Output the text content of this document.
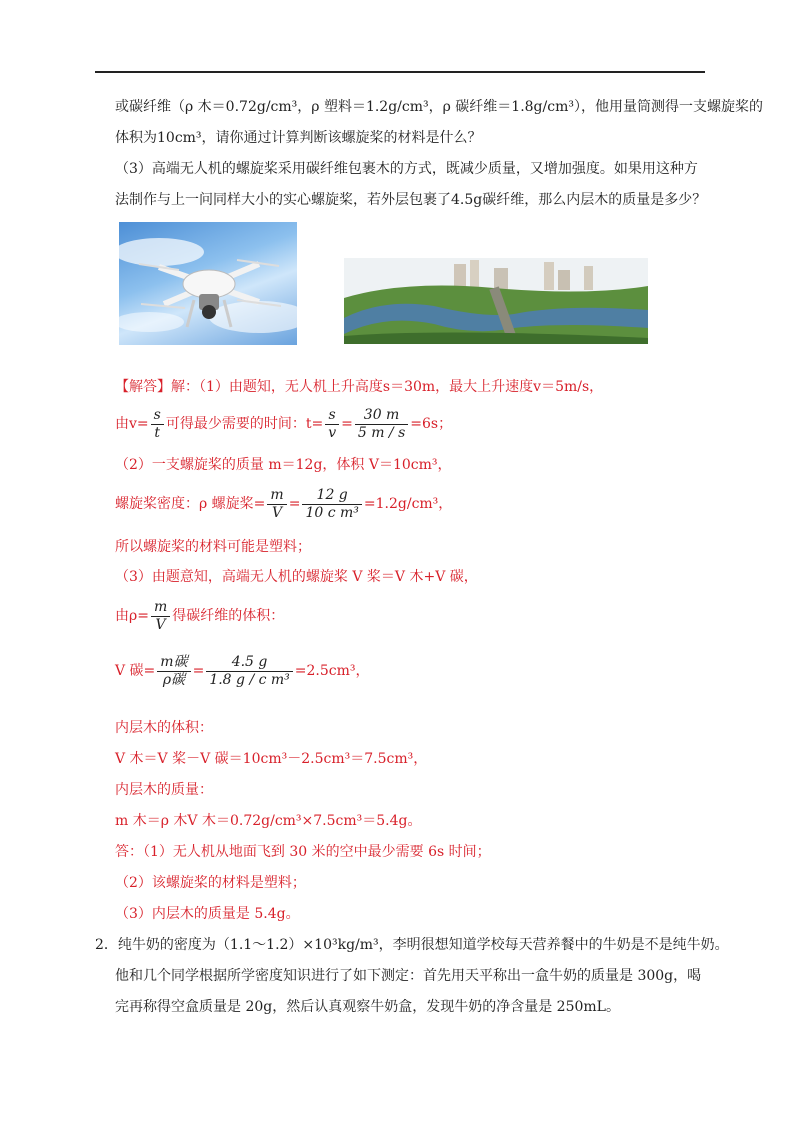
或碳纤维（ρ 木＝0.72g/cm³，ρ 塑料＝1.2g/cm³，ρ 碳纤维＝1.8g/cm³），他用量筒测得一支螺旋桨的
体积为10cm³，请你通过计算判断该螺旋桨的材料是什么？
（3）高端无人机的螺旋桨采用碳纤维包裹木的方式，既减少质量，又增加强度。如果用这种方
法制作与上一问同样大小的实心螺旋桨，若外层包裹了4.5g碳纤维，那么内层木的质量是多少？
【解答】解：（1）由题知，无人机上升高度s＝30m，最大上升速度v＝5m/s，
由$v= \frac{s}{t}$ 可得最少需要的时间：$t= \frac{s}{v} = \frac{30 m}{5 m / s} =6s$；
（2）一支螺旋桨的质量 m＝12g，体积 V＝10cm³，
螺旋桨密度：ρ 螺旋桨= $\frac{m}{V} = \frac{12 g}{\text{10 c m³}} =1.2g/cm^3$，
所以螺旋桨的材料可能是塑料；
（3）由题意知，高端无人机的螺旋桨 V 桨＝V 木+V 碳，
由$\rho= \frac{m}{V}$ 得碳纤维的体积：
V 碳= $\frac{\text{m碳}}{\text{ρ碳}} = \frac{4.5 g}{\text{1.8 g / c m³}} =2.5cm^3$，
内层木的体积：
V 木＝V 桨－V 碳＝10cm³－2.5cm³＝7.5cm³，
内层木的质量：
m 木＝ρ 木V 木＝0.72g/cm³×7.5cm³＝5.4g。
答：（1）无人机从地面飞到 30 米的空中最少需要 6s 时间；
（2）该螺旋桨的材料是塑料；
（3）内层木的质量是 5.4g。
2．纯牛奶的密度为（1.1～1.2）×10³kg/m³，李明很想知道学校每天营养餐中的牛奶是不是纯牛奶。
他和几个同学根据所学密度知识进行了如下测定：首先用天平称出一盒牛奶的质量是 300g，喝
完再称得空盒质量是 20g，然后认真观察牛奶盒，发现牛奶的净含量是 250mL。
